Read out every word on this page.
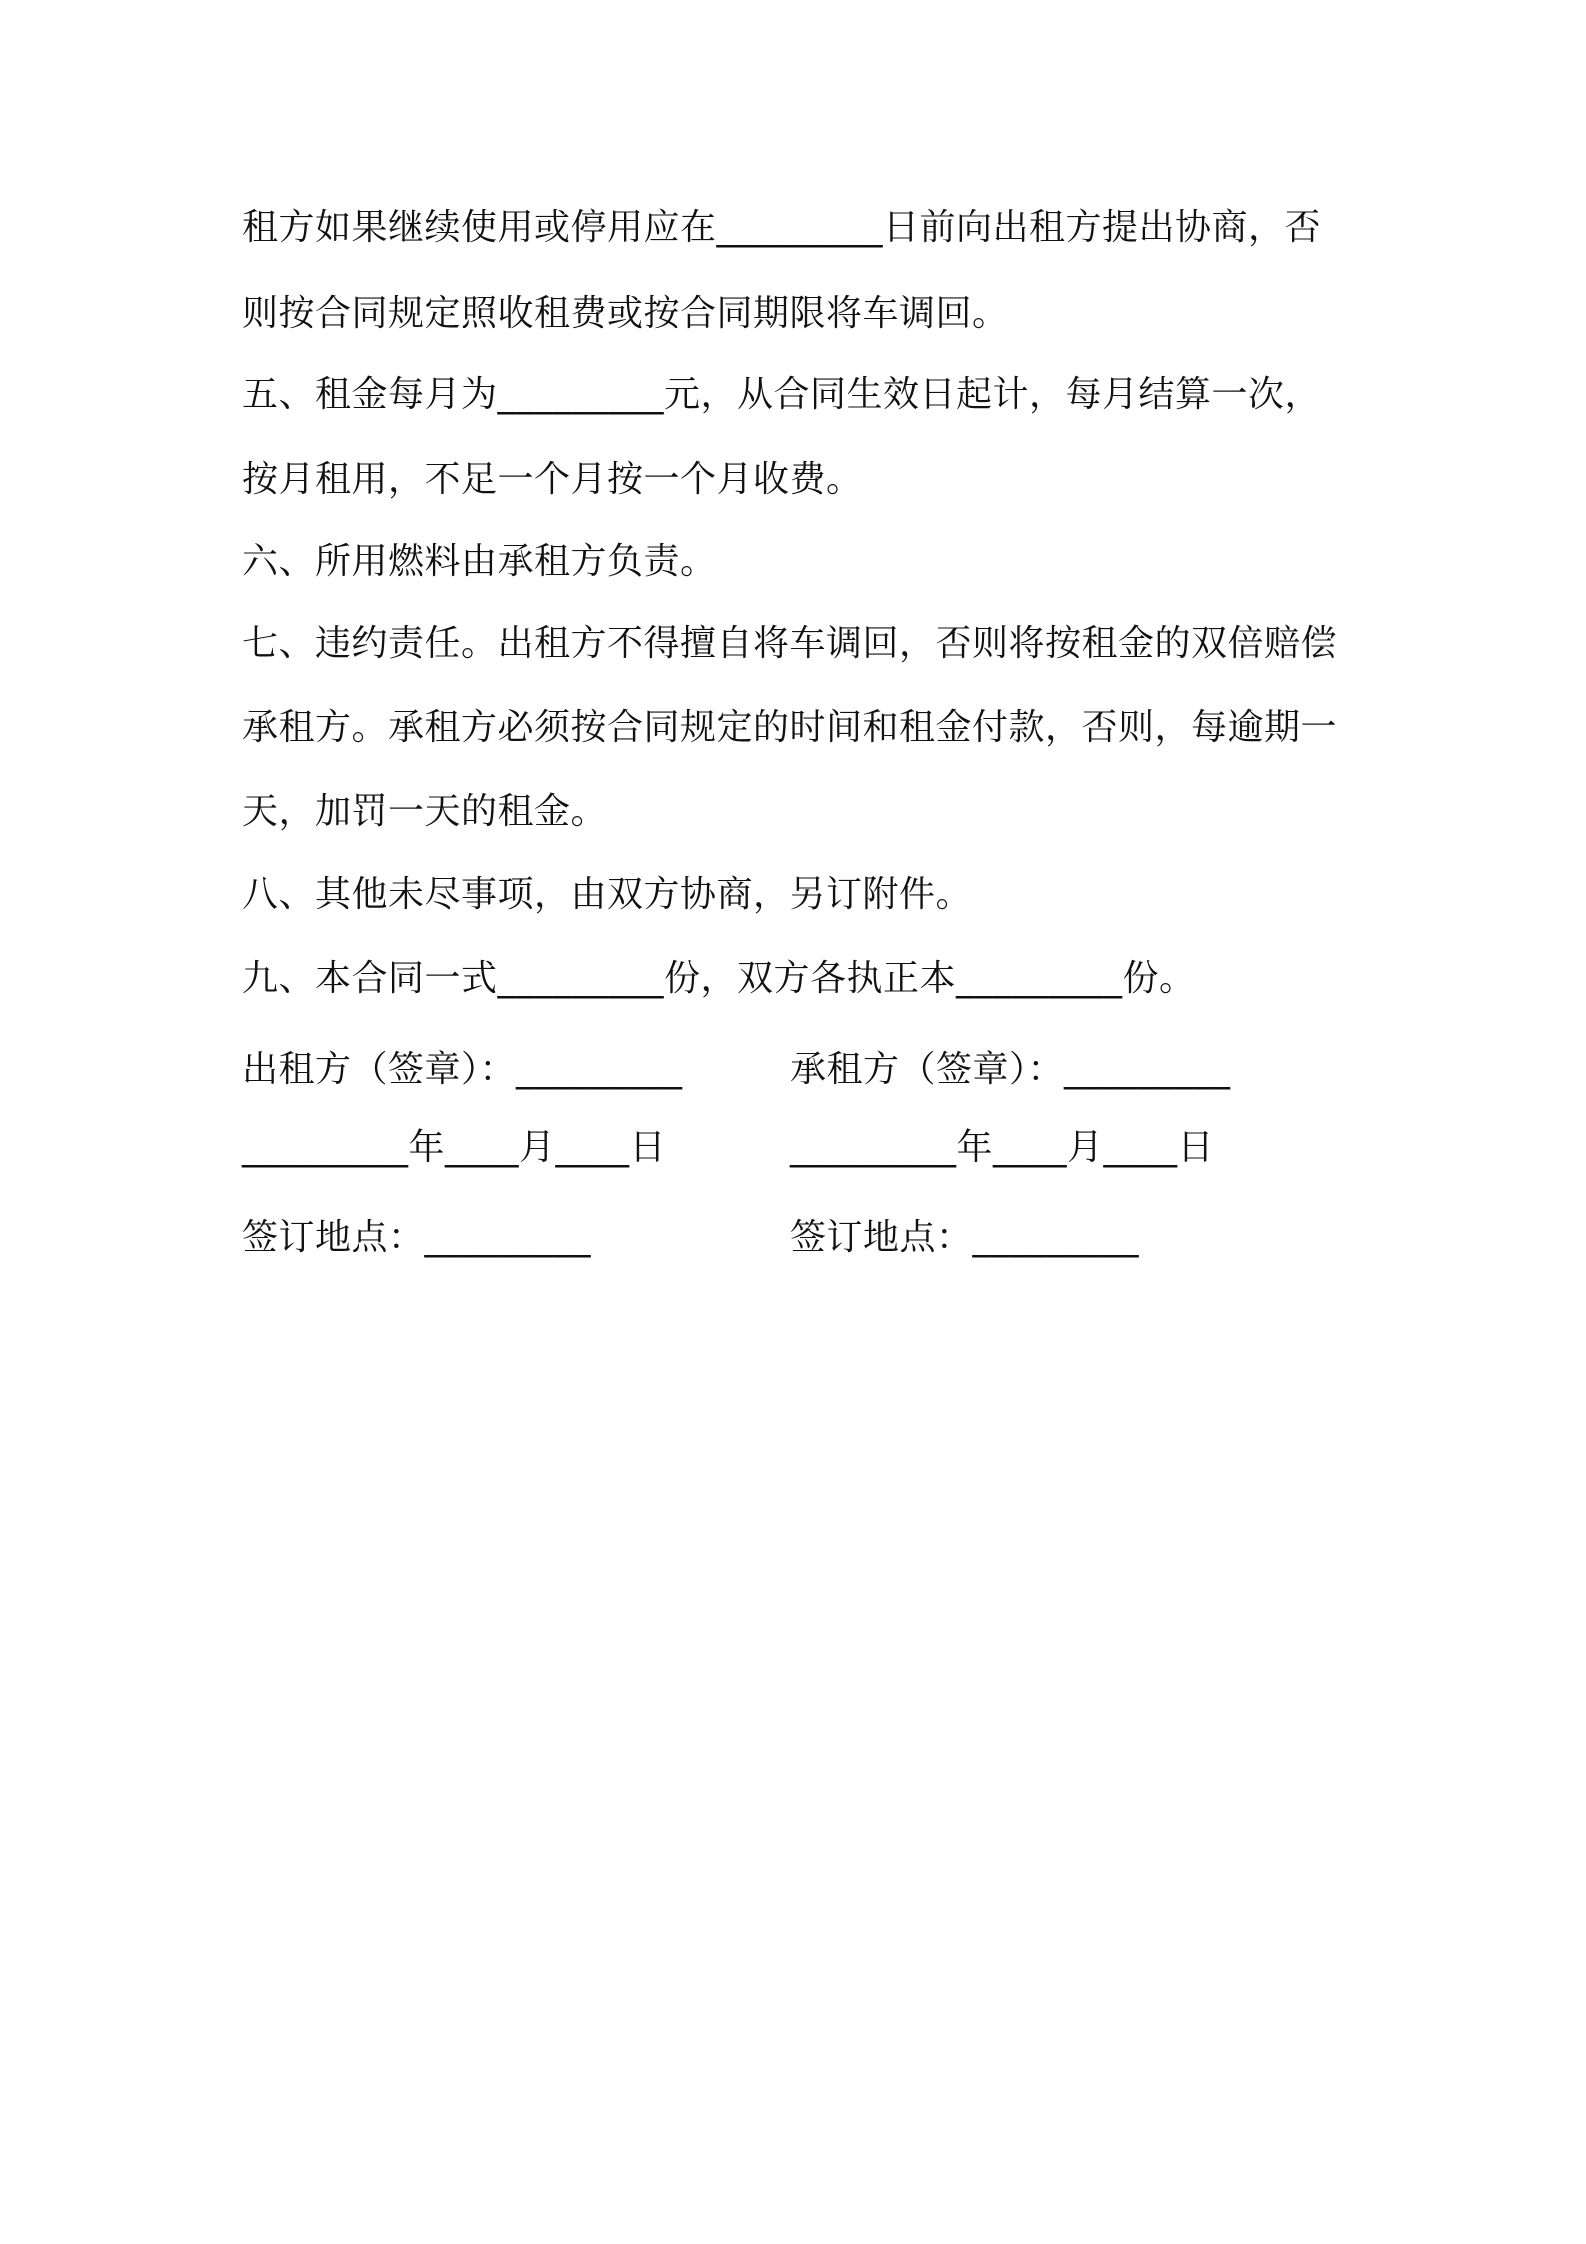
租方如果继续使用或停用应在_________日前向出租方提出协商，否
则按合同规定照收租费或按合同期限将车调回。
五、租金每月为_________元，从合同生效日起计，每月结算一次，
按月租用，不足一个月按一个月收费。
六、所用燃料由承租方负责。
七、违约责任。出租方不得擅自将车调回，否则将按租金的双倍赔偿
承租方。承租方必须按合同规定的时间和租金付款，否则，每逾期一
天，加罚一天的租金。
八、其他未尽事项，由双方协商，另订附件。
九、本合同一式_________份，双方各执正本_________份。
出租方（签章）：_________	承租方（签章）：_________
_________年____月____日	_________年____月____日
签订地点：_________	签订地点：_________
